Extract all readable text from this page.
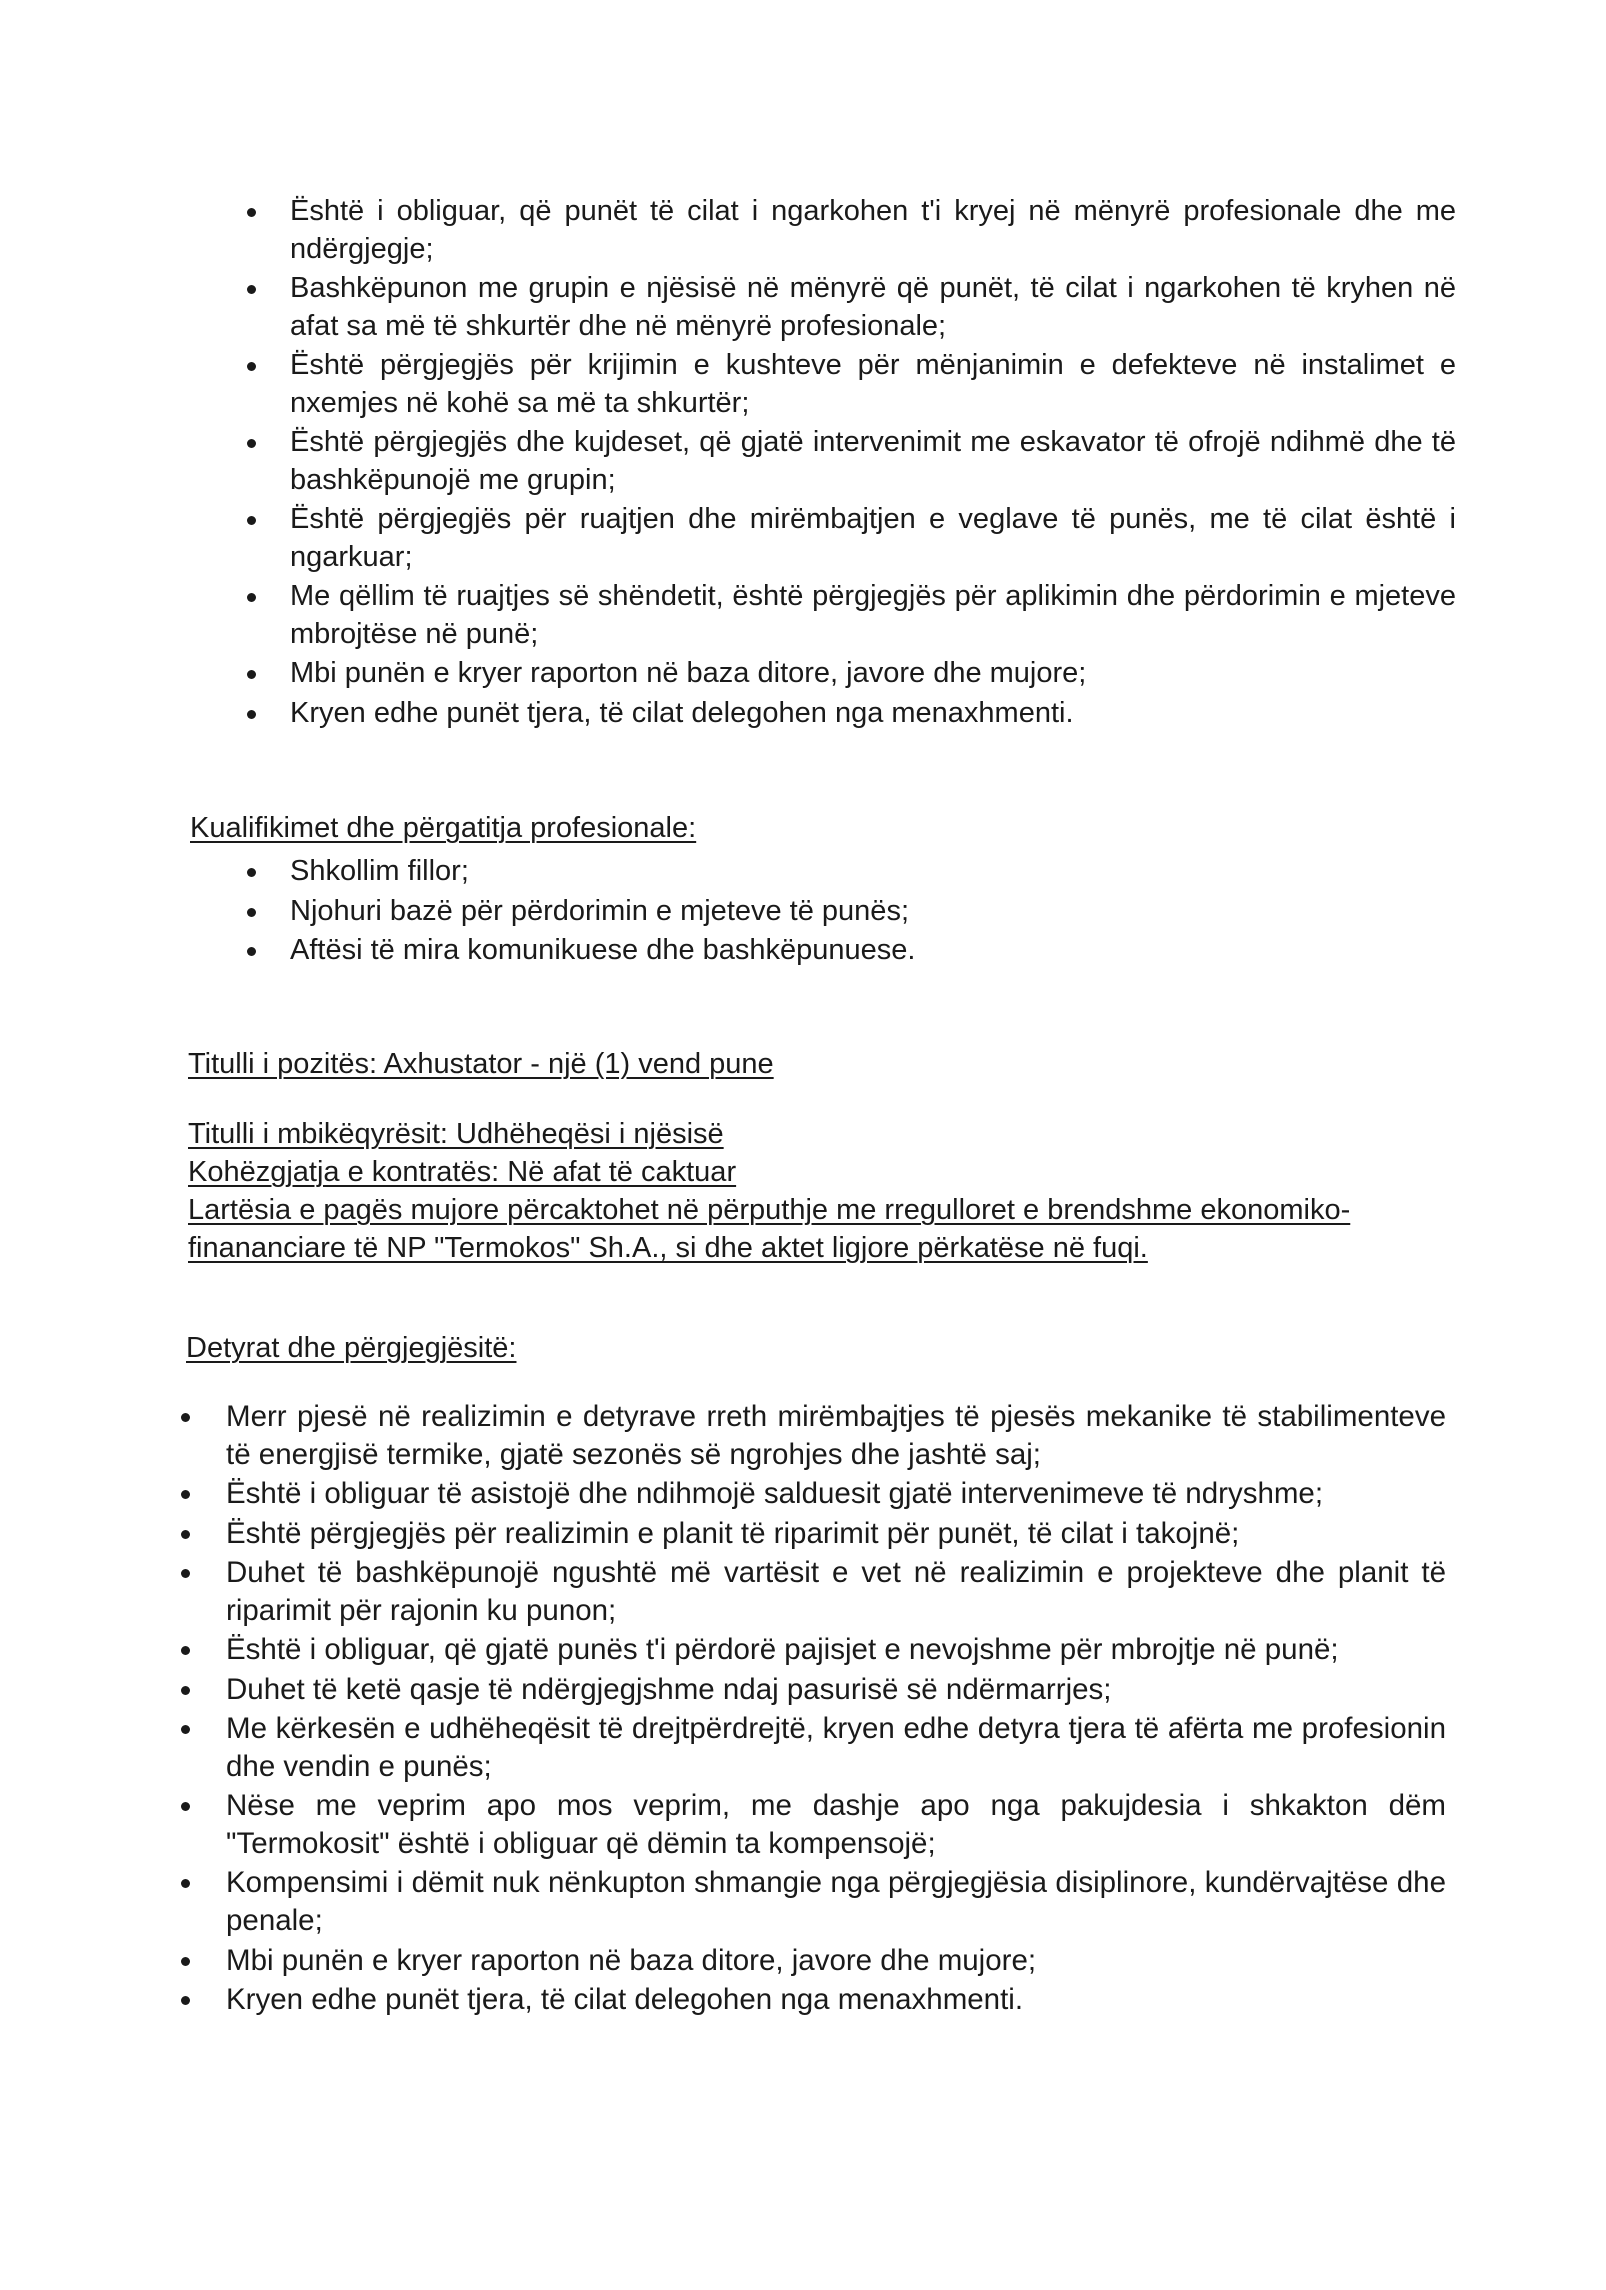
Është i obliguar, që punët të cilat i ngarkohen t'i kryej në mënyrë profesionale dhe me ndërgjegje;
Bashkëpunon me grupin e njësisë në mënyrë që punët, të cilat i ngarkohen të kryhen në afat sa më të shkurtër dhe në mënyrë profesionale;
Është përgjegjës për krijimin e kushteve për mënjanimin e defekteve në instalimet e nxemjes në kohë sa më ta shkurtër;
Është përgjegjës dhe kujdeset, që gjatë intervenimit me eskavator të ofrojë ndihmë dhe të bashkëpunojë me grupin;
Është përgjegjës për ruajtjen dhe mirëmbajtjen e veglave të punës, me të cilat është i ngarkuar;
Me qëllim të ruajtjes së shëndetit, është përgjegjës për aplikimin dhe përdorimin e mjeteve mbrojtëse në punë;
Mbi punën e kryer raporton në baza ditore, javore dhe mujore;
Kryen edhe punët tjera, të cilat delegohen nga menaxhmenti.
Kualifikimet dhe përgatitja profesionale:
Shkollim fillor;
Njohuri bazë për përdorimin e mjeteve të punës;
Aftësi të mira komunikuese dhe bashkëpunuese.
Titulli i pozitës: Axhustator - një (1) vend pune
Titulli i mbikëqyrësit: Udhëheqësi i njësisë
Kohëzgjatja e kontratës: Në afat të caktuar
Lartësia e pagës mujore përcaktohet në përputhje me rregulloret e brendshme ekonomiko-
finananciare të NP "Termokos" Sh.A., si dhe aktet ligjore përkatëse në fuqi.
Detyrat dhe përgjegjësitë:
Merr pjesë në realizimin e detyrave rreth mirëmbajtjes të pjesës mekanike të stabilimenteve të energjisë termike, gjatë sezonës së ngrohjes dhe jashtë saj;
Është i obliguar të asistojë dhe ndihmojë salduesit gjatë intervenimeve të ndryshme;
Është përgjegjës për realizimin e planit të riparimit për punët, të cilat i takojnë;
Duhet të bashkëpunojë ngushtë më vartësit e vet në realizimin e projekteve dhe planit të riparimit për rajonin ku punon;
Është i obliguar, që gjatë punës t'i përdorë pajisjet e nevojshme për mbrojtje në punë;
Duhet të ketë qasje të ndërgjegjshme ndaj pasurisë së ndërmarrjes;
Me kërkesën e udhëheqësit të drejtpërdrejtë, kryen edhe detyra tjera të afërta me profesionin dhe vendin e punës;
Nëse me veprim apo mos veprim, me dashje apo nga pakujdesia i shkakton dëm "Termokosit" është i obliguar që dëmin ta kompensojë;
Kompensimi i dëmit nuk nënkupton shmangie nga përgjegjësia disiplinore, kundërvajtëse dhe penale;
Mbi punën e kryer raporton në baza ditore, javore dhe mujore;
Kryen edhe punët tjera, të cilat delegohen nga menaxhmenti.
